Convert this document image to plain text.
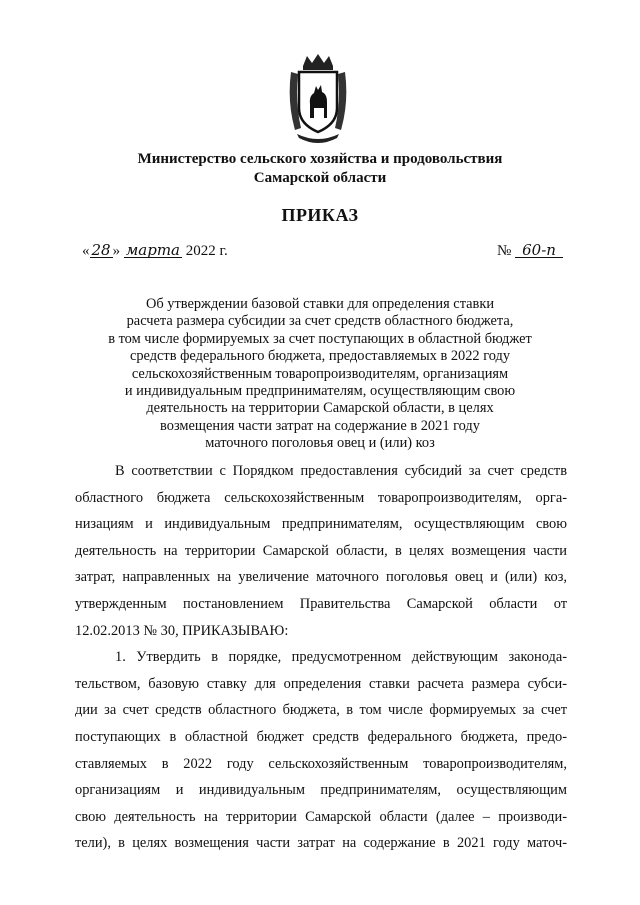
Министерство сельского хозяйства и продовольствия
Самарской области
ПРИКАЗ
« 28 » марта 2022 г.	№ 60-п
Об утверждении базовой ставки для определения ставки
расчета размера субсидии за счет средств областного бюджета,
в том числе формируемых за счет поступающих в областной бюджет
средств федерального бюджета, предоставляемых в 2022 году
сельскохозяйственным товаропроизводителям, организациям
и индивидуальным предпринимателям, осуществляющим свою
деятельность на территории Самарской области, в целях
возмещения части затрат на содержание в 2021 году
маточного поголовья овец и (или) коз
В соответствии с Порядком предоставления субсидий за счет средств
областного бюджета сельскохозяйственным товаропроизводителям, орга-
низациям и индивидуальным предпринимателям, осуществляющим свою
деятельность на территории Самарской области, в целях возмещения части
затрат, направленных на увеличение маточного поголовья овец и (или) коз,
утвержденным постановлением Правительства Самарской области от
12.02.2013 № 30, ПРИКАЗЫВАЮ:
1. Утвердить в порядке, предусмотренном действующим законода-
тельством, базовую ставку для определения ставки расчета размера субси-
дии за счет средств областного бюджета, в том числе формируемых за счет
поступающих в областной бюджет средств федерального бюджета, предо-
ставляемых в 2022 году сельскохозяйственным товаропроизводителям,
организациям и индивидуальным предпринимателям, осуществляющим
свою деятельность на территории Самарской области (далее – производи-
тели), в целях возмещения части затрат на содержание в 2021 году маточ-
